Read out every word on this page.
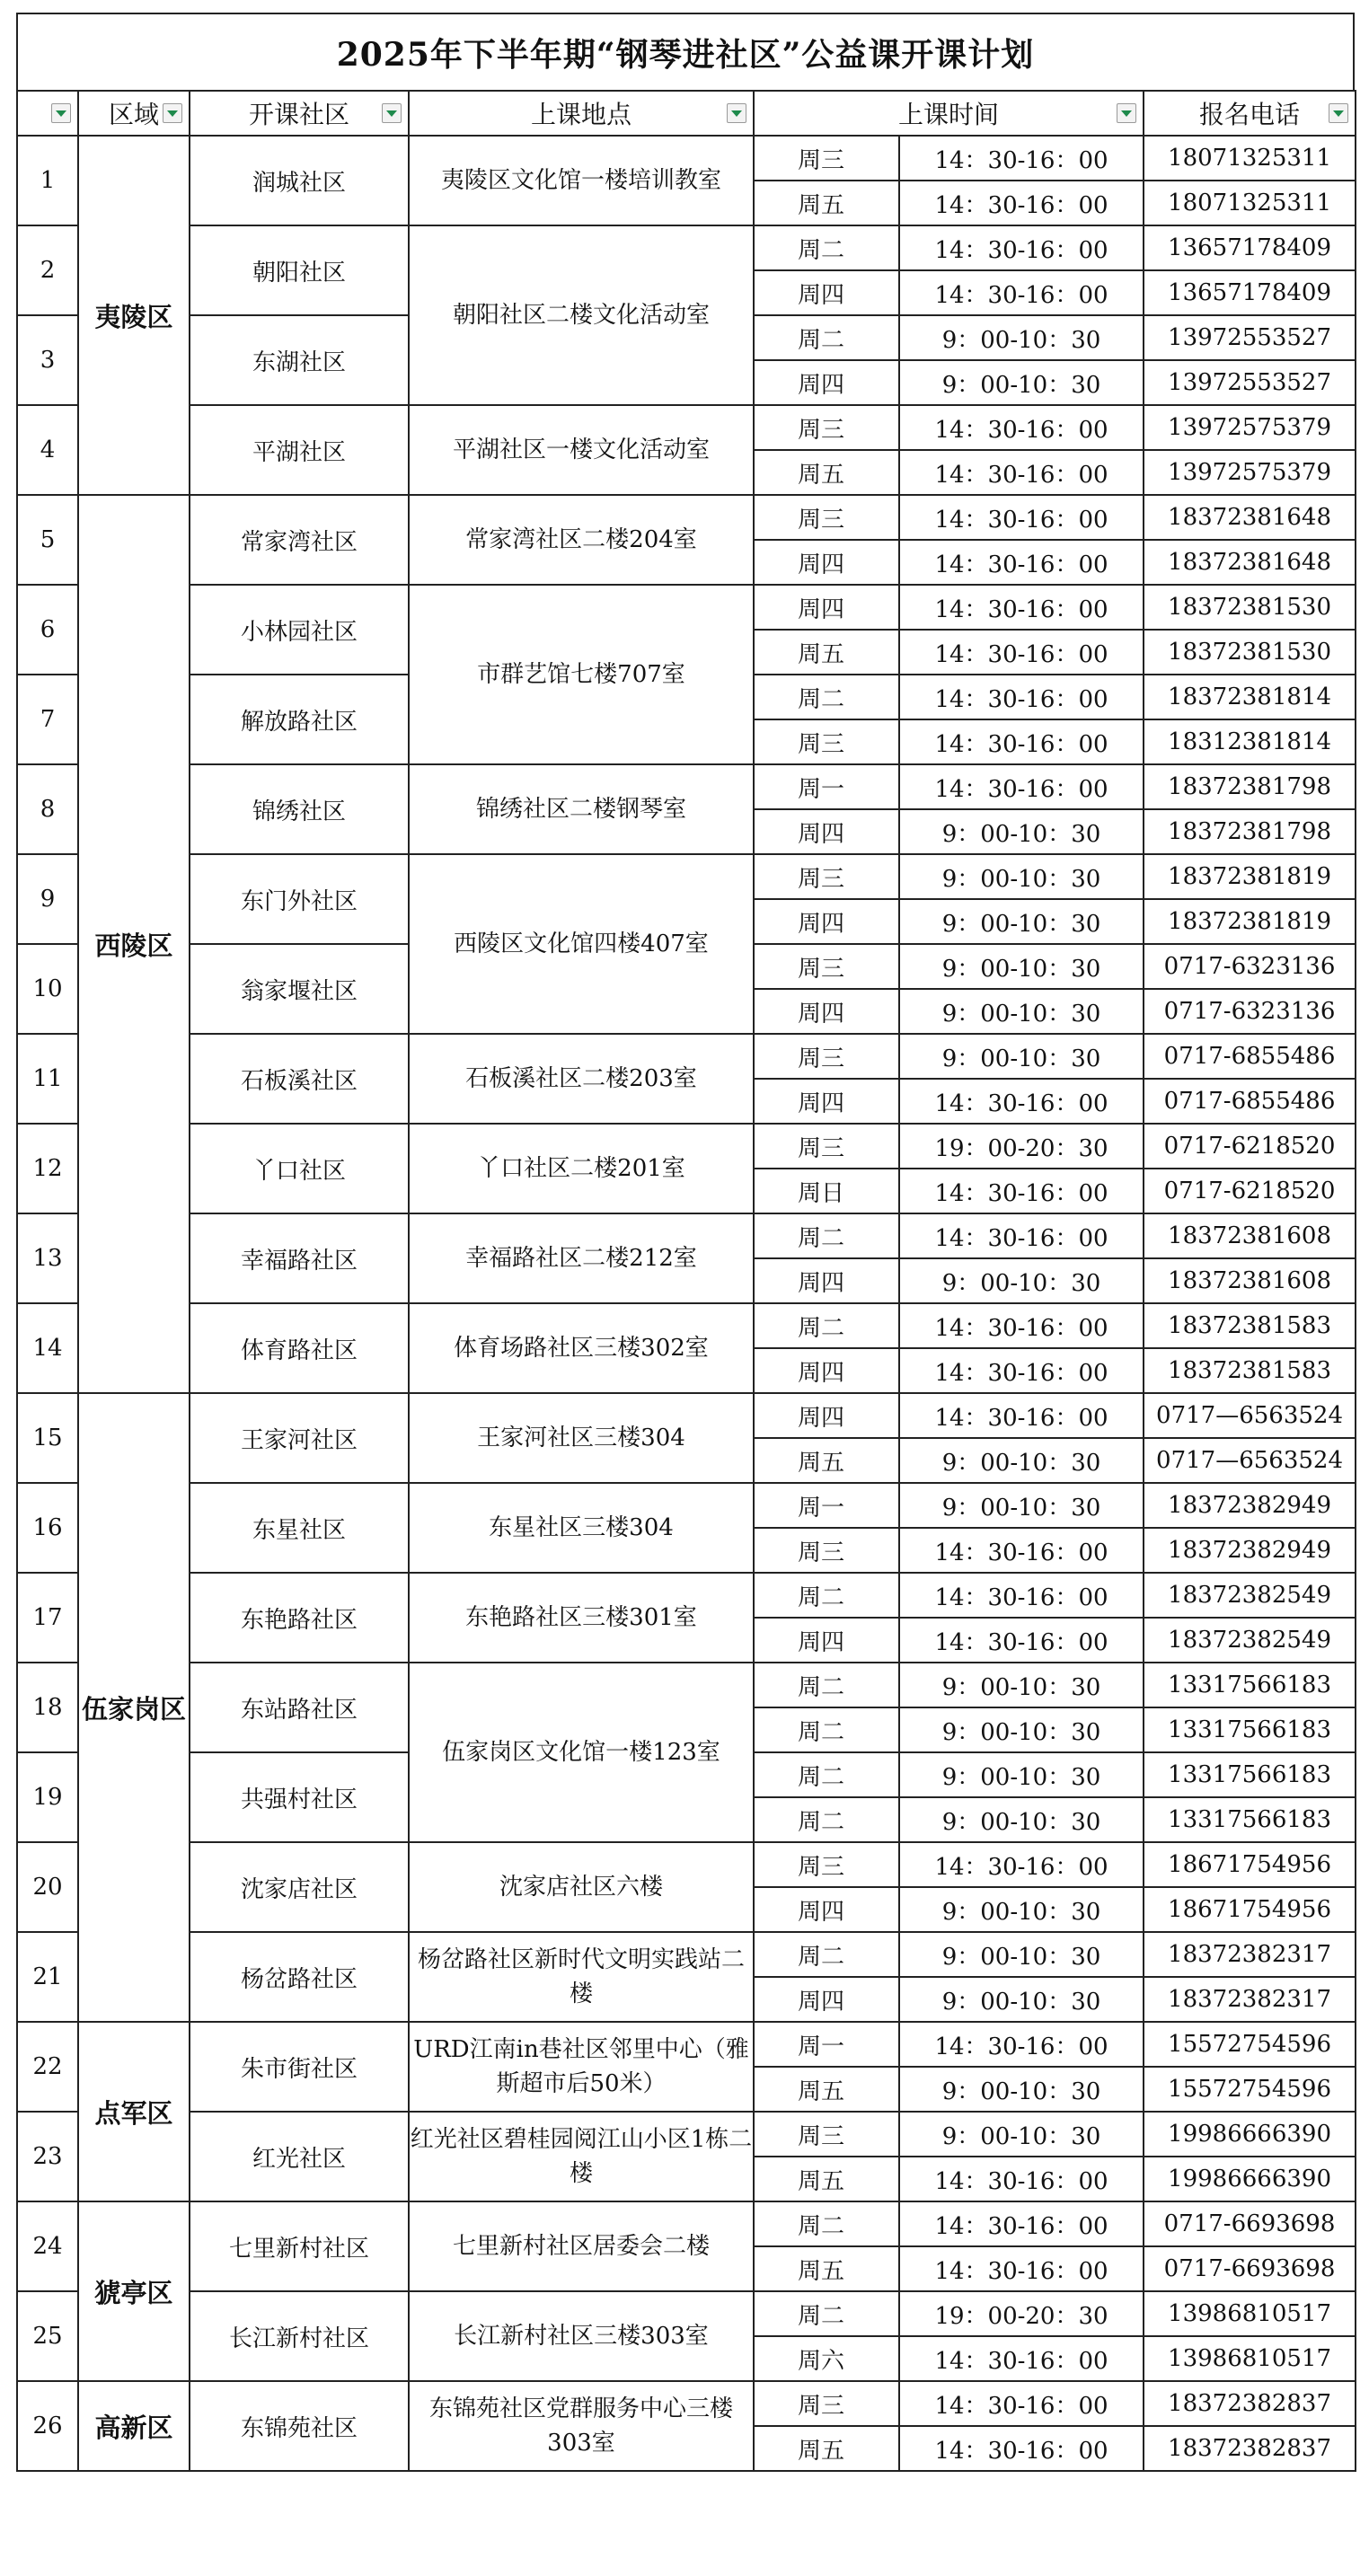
2025年下半年期“钢琴进社区”公益课开课计划
	区域	开课社区	上课地点	上课时间		报名电话

1	夷陵区	润城社区	夷陵区文化馆一楼培训教室	周三	14：30-16：00	18071325311
				周五	14：30-16：00	18071325311
2		朝阳社区	朝阳社区二楼文化活动室	周二	14：30-16：00	13657178409
				周四	14：30-16：00	13657178409
3		东湖社区		周二	9：00-10：30	13972553527
				周四	9：00-10：30	13972553527
4		平湖社区	平湖社区一楼文化活动室	周三	14：30-16：00	13972575379
				周五	14：30-16：00	13972575379
5	西陵区	常家湾社区	常家湾社区二楼204室	周三	14：30-16：00	18372381648
				周四	14：30-16：00	18372381648
6		小林园社区	市群艺馆七楼707室	周四	14：30-16：00	18372381530
				周五	14：30-16：00	18372381530
7		解放路社区		周二	14：30-16：00	18372381814
				周三	14：30-16：00	18312381814
8		锦绣社区	锦绣社区二楼钢琴室	周一	14：30-16：00	18372381798
				周四	9：00-10：30	18372381798
9		东门外社区	西陵区文化馆四楼407室	周三	9：00-10：30	18372381819
				周四	9：00-10：30	18372381819
10		翁家堰社区		周三	9：00-10：30	0717-6323136
				周四	9：00-10：30	0717-6323136
11		石板溪社区	石板溪社区二楼203室	周三	9：00-10：30	0717-6855486
				周四	14：30-16：00	0717-6855486
12		丫口社区	丫口社区二楼201室	周三	19：00-20：30	0717-6218520
				周日	14：30-16：00	0717-6218520
13		幸福路社区	幸福路社区二楼212室	周二	14：30-16：00	18372381608
				周四	9：00-10：30	18372381608
14		体育路社区	体育场路社区三楼302室	周二	14：30-16：00	18372381583
				周四	14：30-16：00	18372381583
15	伍家岗区	王家河社区	王家河社区三楼304	周四	14：30-16：00	0717—6563524
				周五	9：00-10：30	0717—6563524
16		东星社区	东星社区三楼304	周一	9：00-10：30	18372382949
				周三	14：30-16：00	18372382949
17		东艳路社区	东艳路社区三楼301室	周二	14：30-16：00	18372382549
				周四	14：30-16：00	18372382549
18		东站路社区	伍家岗区文化馆一楼123室	周二	9：00-10：30	13317566183
				周二	9：00-10：30	13317566183
19		共强村社区		周二	9：00-10：30	13317566183
				周二	9：00-10：30	13317566183
20		沈家店社区	沈家店社区六楼	周三	14：30-16：00	18671754956
				周四	9：00-10：30	18671754956
21		杨岔路社区	杨岔路社区新时代文明实践站二楼	周二	9：00-10：30	18372382317
				周四	9：00-10：30	18372382317
22	点军区	朱市街社区	URD江南in巷社区邻里中心（雅斯超市后50米）	周一	14：30-16：00	15572754596
				周五	9：00-10：30	15572754596
23		红光社区	红光社区碧桂园阅江山小区1栋二楼	周三	9：00-10：30	19986666390
				周五	14：30-16：00	19986666390
24	猇亭区	七里新村社区	七里新村社区居委会二楼	周二	14：30-16：00	0717-6693698
				周五	14：30-16：00	0717-6693698
25		长江新村社区	长江新村社区三楼303室	周二	19：00-20：30	13986810517
				周六	14：30-16：00	13986810517
26	高新区	东锦苑社区	东锦苑社区党群服务中心三楼303室	周三	14：30-16：00	18372382837
				周五	14：30-16：00	18372382837
